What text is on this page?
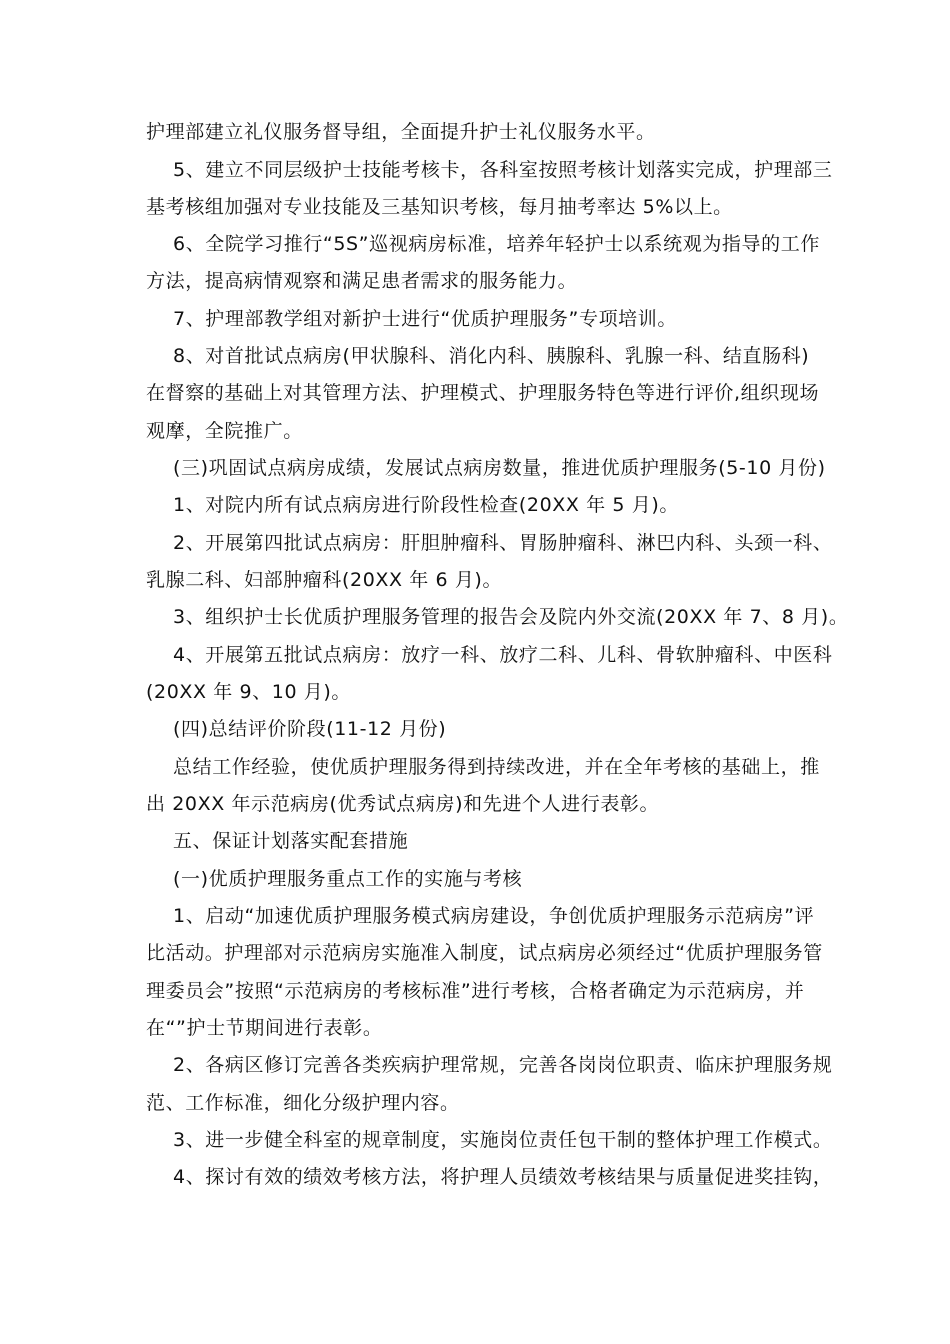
护理部建立礼仪服务督导组，全面提升护士礼仪服务水平。
5、建立不同层级护士技能考核卡，各科室按照考核计划落实完成，护理部三
基考核组加强对专业技能及三基知识考核，每月抽考率达 5%以上。
6、全院学习推行“5S”巡视病房标准，培养年轻护士以系统观为指导的工作
方法，提高病情观察和满足患者需求的服务能力。
7、护理部教学组对新护士进行“优质护理服务”专项培训。
8、对首批试点病房(甲状腺科、消化内科、胰腺科、乳腺一科、结直肠科)
在督察的基础上对其管理方法、护理模式、护理服务特色等进行评价,组织现场
观摩，全院推广。
(三)巩固试点病房成绩，发展试点病房数量，推进优质护理服务(5-10 月份)
1、对院内所有试点病房进行阶段性检查(20XX 年 5 月)。
2、开展第四批试点病房：肝胆肿瘤科、胃肠肿瘤科、淋巴内科、头颈一科、
乳腺二科、妇部肿瘤科(20XX 年 6 月)。
3、组织护士长优质护理服务管理的报告会及院内外交流(20XX 年 7、8 月)。
4、开展第五批试点病房：放疗一科、放疗二科、儿科、骨软肿瘤科、中医科
(20XX 年 9、10 月)。
(四)总结评价阶段(11-12 月份)
总结工作经验，使优质护理服务得到持续改进，并在全年考核的基础上，推
出 20XX 年示范病房(优秀试点病房)和先进个人进行表彰。
五、保证计划落实配套措施
(一)优质护理服务重点工作的实施与考核
1、启动“加速优质护理服务模式病房建设，争创优质护理服务示范病房”评
比活动。护理部对示范病房实施准入制度，试点病房必须经过“优质护理服务管
理委员会”按照“示范病房的考核标准”进行考核，合格者确定为示范病房，并
在“”护士节期间进行表彰。
2、各病区修订完善各类疾病护理常规，完善各岗岗位职责、临床护理服务规
范、工作标准，细化分级护理内容。
3、进一步健全科室的规章制度，实施岗位责任包干制的整体护理工作模式。
4、探讨有效的绩效考核方法，将护理人员绩效考核结果与质量促进奖挂钩，
